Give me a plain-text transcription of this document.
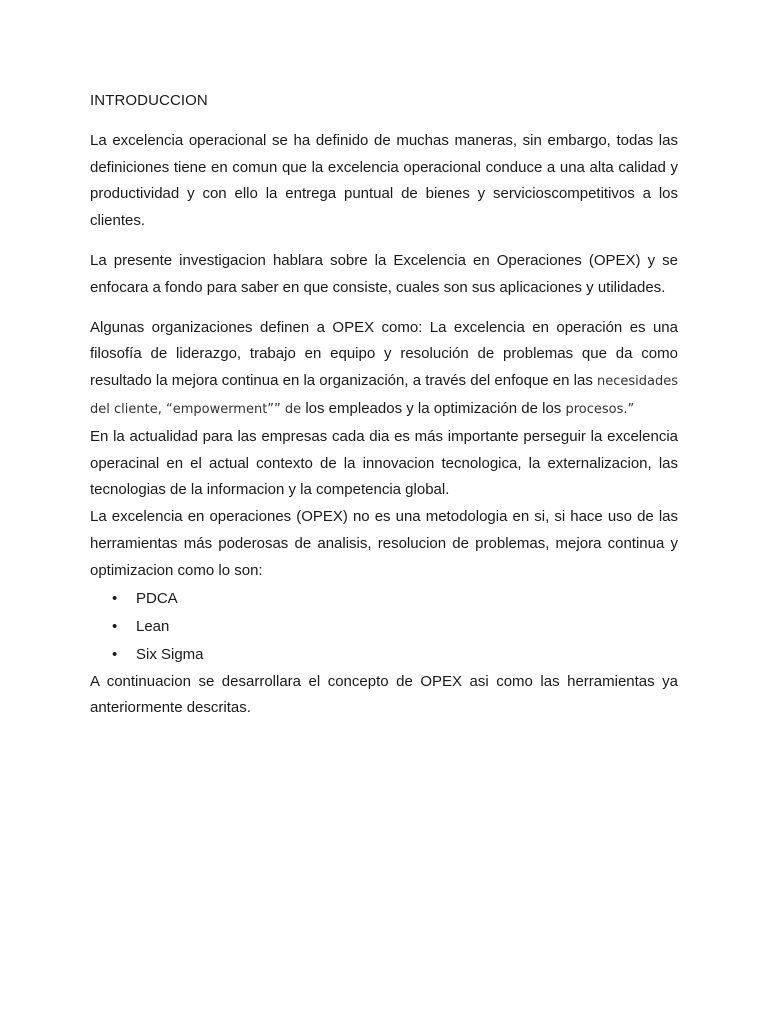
INTRODUCCION

La excelencia operacional se ha definido de muchas maneras, sin embargo, todas las definiciones tiene en comun que la excelencia operacional conduce a una alta calidad y productividad y con ello la entrega puntual de bienes y servicioscompetitivos a los clientes.

La presente investigacion hablara sobre la Excelencia en Operaciones (OPEX) y se enfocara a fondo para saber en que consiste, cuales son sus aplicaciones y utilidades.

Algunas organizaciones definen a OPEX como: La excelencia en operación es una filosofía de liderazgo, trabajo en equipo y resolución de problemas que da como resultado la mejora continua en la organización, a través del enfoque en las necesidades del cliente, “empowerment”” de los empleados y la optimización de los procesos.”

En la actualidad para las empresas cada dia es más importante perseguir la excelencia operacinal en el actual contexto de la innovacion tecnologica, la externalizacion, las tecnologias de la informacion y la competencia global.

La excelencia en operaciones (OPEX) no es una metodologia en si, si hace uso de las herramientas más poderosas de analisis, resolucion de problemas, mejora continua y optimizacion como lo son:

• PDCA
• Lean
• Six Sigma

A continuacion se desarrollara el concepto de OPEX asi como las herramientas ya anteriormente descritas.
